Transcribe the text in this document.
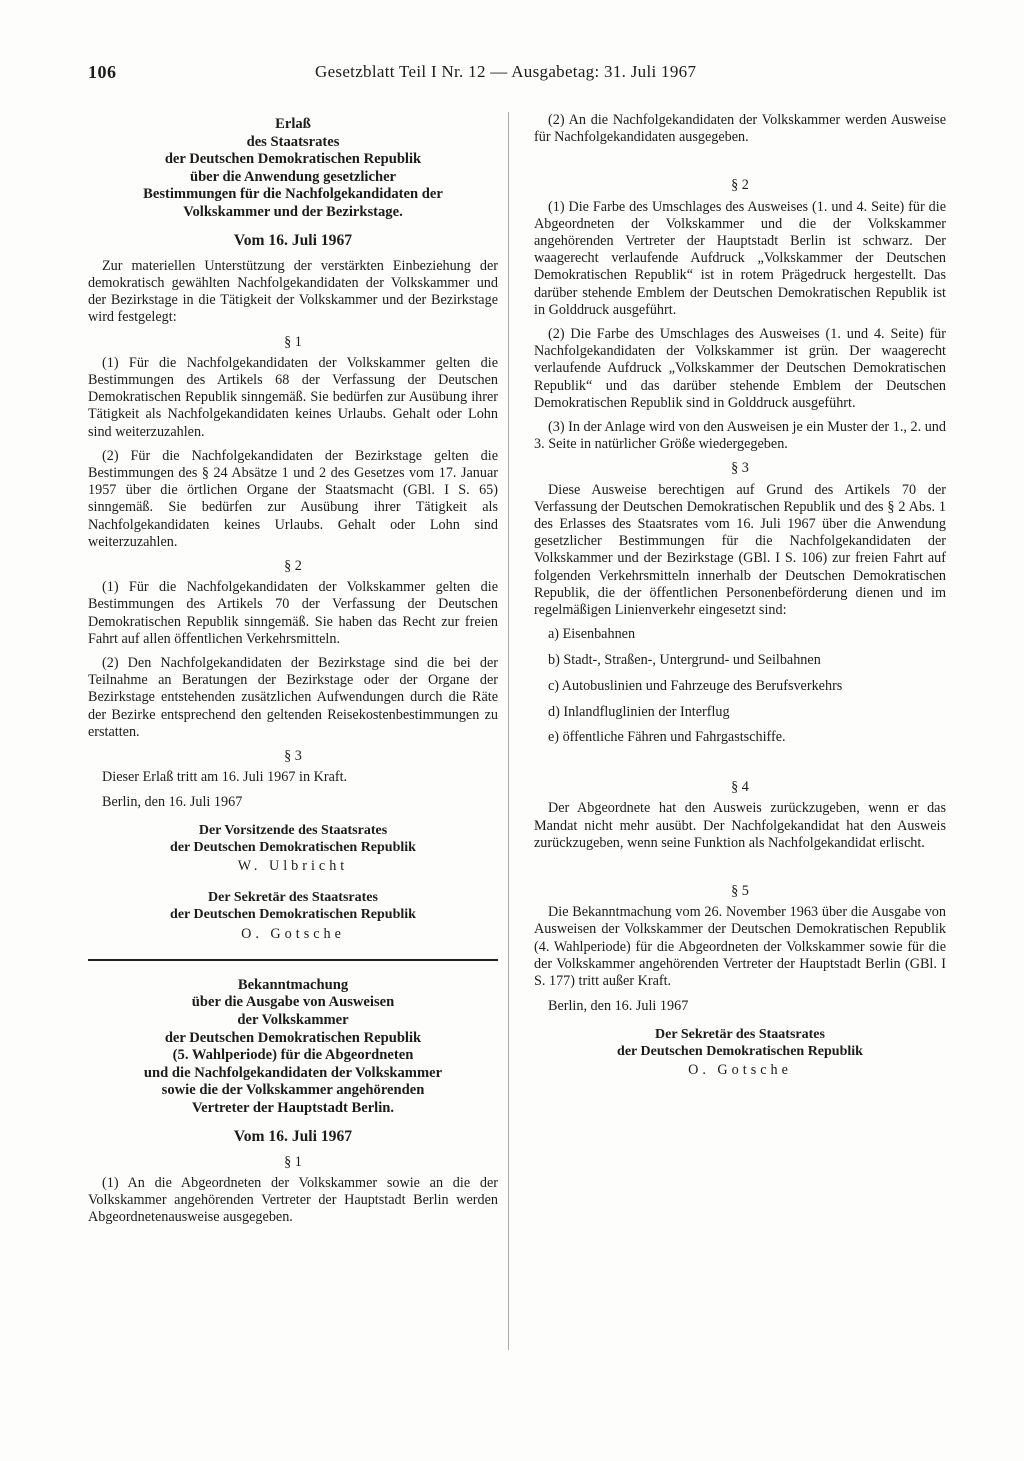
106	Gesetzblatt Teil I Nr. 12 — Ausgabetag: 31. Juli 1967
Erlaß
des Staatsrates
der Deutschen Demokratischen Republik
über die Anwendung gesetzlicher
Bestimmungen für die Nachfolgekandidaten der
Volkskammer und der Bezirkstage.
Vom 16. Juli 1967

Zur materiellen Unterstützung der verstärkten Einbeziehung der demokratisch gewählten Nachfolgekandidaten der Volkskammer und der Bezirkstage in die Tätigkeit der Volkskammer und der Bezirkstage wird festgelegt:

§ 1

(1) Für die Nachfolgekandidaten der Volkskammer gelten die Bestimmungen des Artikels 68 der Verfassung der Deutschen Demokratischen Republik sinngemäß. Sie bedürfen zur Ausübung ihrer Tätigkeit als Nachfolgekandidaten keines Urlaubs. Gehalt oder Lohn sind weiterzuzahlen.

(2) Für die Nachfolgekandidaten der Bezirkstage gelten die Bestimmungen des § 24 Absätze 1 und 2 des Gesetzes vom 17. Januar 1957 über die örtlichen Organe der Staatsmacht (GBl. I S. 65) sinngemäß. Sie bedürfen zur Ausübung ihrer Tätigkeit als Nachfolgekandidaten keines Urlaubs. Gehalt oder Lohn sind weiterzuzahlen.

§ 2

(1) Für die Nachfolgekandidaten der Volkskammer gelten die Bestimmungen des Artikels 70 der Verfassung der Deutschen Demokratischen Republik sinngemäß. Sie haben das Recht zur freien Fahrt auf allen öffentlichen Verkehrsmitteln.

(2) Den Nachfolgekandidaten der Bezirkstage sind die bei der Teilnahme an Beratungen der Bezirkstage oder der Organe der Bezirkstage entstehenden zusätzlichen Aufwendungen durch die Räte der Bezirke entsprechend den geltenden Reisekostenbestimmungen zu erstatten.

§ 3

Dieser Erlaß tritt am 16. Juli 1967 in Kraft.

Berlin, den 16. Juli 1967
Der Vorsitzende des Staatsrates
der Deutschen Demokratischen Republik
W. Ulbricht
Der Sekretär des Staatsrates
der Deutschen Demokratischen Republik
O. Gotsche
Bekanntmachung
über die Ausgabe von Ausweisen
der Volkskammer
der Deutschen Demokratischen Republik
(5. Wahlperiode) für die Abgeordneten
und die Nachfolgekandidaten der Volkskammer
sowie die der Volkskammer angehörenden
Vertreter der Hauptstadt Berlin.
Vom 16. Juli 1967
§ 1

(1) An die Abgeordneten der Volkskammer sowie an die der Volkskammer angehörenden Vertreter der Hauptstadt Berlin werden Abgeordnetenausweise ausgegeben.

(2) An die Nachfolgekandidaten der Volkskammer werden Ausweise für Nachfolgekandidaten ausgegeben.

§ 2

(1) Die Farbe des Umschlages des Ausweises (1. und 4. Seite) für die Abgeordneten der Volkskammer und die der Volkskammer angehörenden Vertreter der Hauptstadt Berlin ist schwarz. Der waagerecht verlaufende Aufdruck „Volkskammer der Deutschen Demokratischen Republik“ ist in rotem Prägedruck hergestellt. Das darüber stehende Emblem der Deutschen Demokratischen Republik ist in Golddruck ausgeführt.

(2) Die Farbe des Umschlages des Ausweises (1. und 4. Seite) für Nachfolgekandidaten der Volkskammer ist grün. Der waagerecht verlaufende Aufdruck „Volkskammer der Deutschen Demokratischen Republik“ und das darüber stehende Emblem der Deutschen Demokratischen Republik sind in Golddruck ausgeführt.

(3) In der Anlage wird von den Ausweisen je ein Muster der 1., 2. und 3. Seite in natürlicher Größe wiedergegeben.

§ 3

Diese Ausweise berechtigen auf Grund des Artikels 70 der Verfassung der Deutschen Demokratischen Republik und des § 2 Abs. 1 des Erlasses des Staatsrates vom 16. Juli 1967 über die Anwendung gesetzlicher Bestimmungen für die Nachfolgekandidaten der Volkskammer und der Bezirkstage (GBl. I S. 106) zur freien Fahrt auf folgenden Verkehrsmitteln innerhalb der Deutschen Demokratischen Republik, die der öffentlichen Personenbeförderung dienen und im regelmäßigen Linienverkehr eingesetzt sind:

a) Eisenbahnen
b) Stadt-, Straßen-, Untergrund- und Seilbahnen
c) Autobuslinien und Fahrzeuge des Berufsverkehrs
d) Inlandfluglinien der Interflug
e) öffentliche Fähren und Fahrgastschiffe.
§ 4

Der Abgeordnete hat den Ausweis zurückzugeben, wenn er das Mandat nicht mehr ausübt. Der Nachfolgekandidat hat den Ausweis zurückzugeben, wenn seine Funktion als Nachfolgekandidat erlischt.

§ 5

Die Bekanntmachung vom 26. November 1963 über die Ausgabe von Ausweisen der Volkskammer der Deutschen Demokratischen Republik (4. Wahlperiode) für die Abgeordneten der Volkskammer sowie für die der Volkskammer angehörenden Vertreter der Hauptstadt Berlin (GBl. I S. 177) tritt außer Kraft.

Berlin, den 16. Juli 1967
Der Sekretär des Staatsrates
der Deutschen Demokratischen Republik
O. Gotsche
